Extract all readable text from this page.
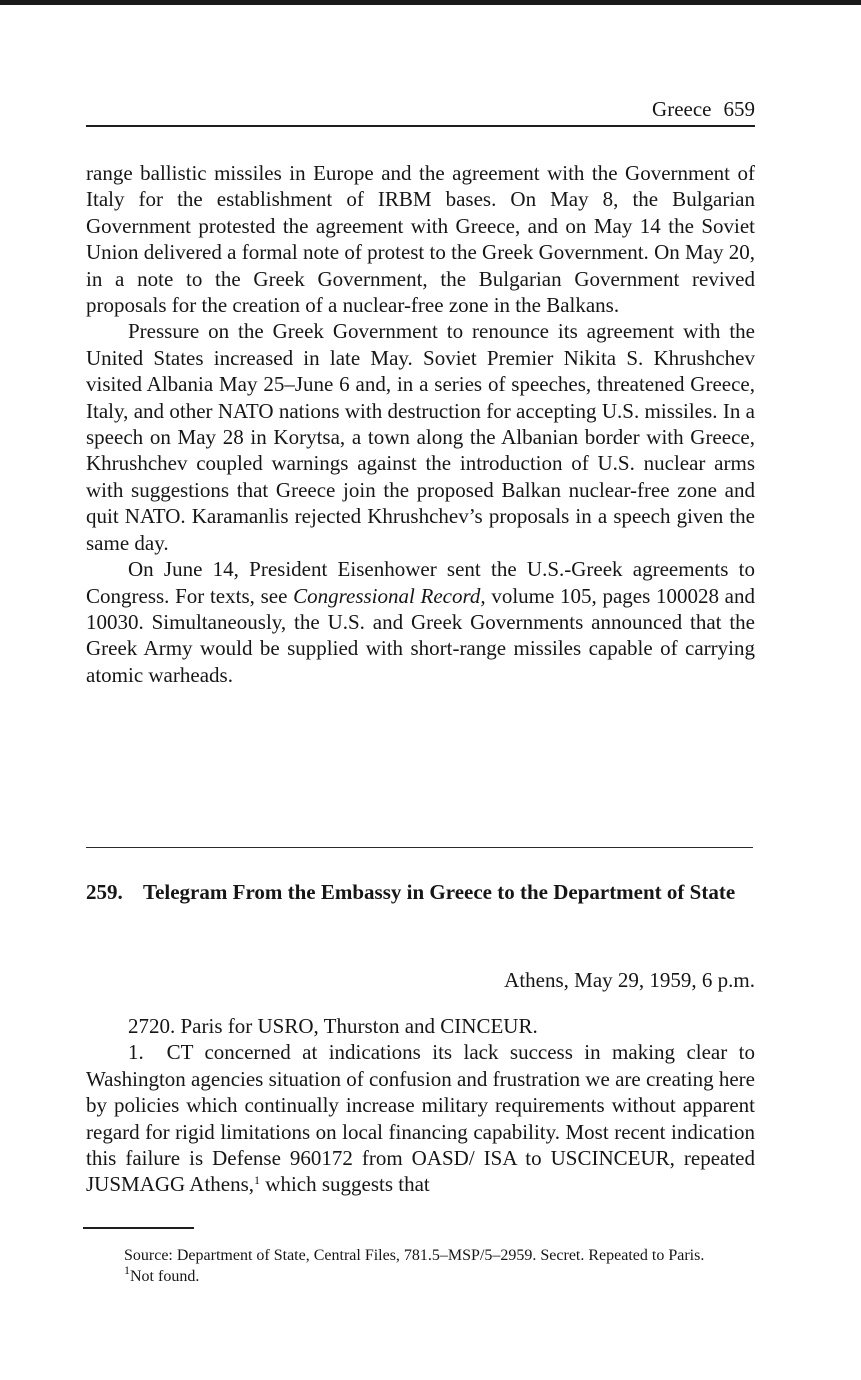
Greece 659

range ballistic missiles in Europe and the agreement with the Government of Italy for the establishment of IRBM bases. On May 8, the Bulgarian Government protested the agreement with Greece, and on May 14 the Soviet Union delivered a formal note of protest to the Greek Government. On May 20, in a note to the Greek Government, the Bulgarian Government revived proposals for the creation of a nuclear-free zone in the Balkans.

Pressure on the Greek Government to renounce its agreement with the United States increased in late May. Soviet Premier Nikita S. Khrushchev visited Albania May 25–June 6 and, in a series of speeches, threatened Greece, Italy, and other NATO nations with destruction for accepting U.S. missiles. In a speech on May 28 in Korytsa, a town along the Albanian border with Greece, Khrushchev coupled warnings against the introduction of U.S. nuclear arms with suggestions that Greece join the proposed Balkan nuclear-free zone and quit NATO. Karamanlis rejected Khrushchev’s proposals in a speech given the same day.

On June 14, President Eisenhower sent the U.S.-Greek agreements to Congress. For texts, see Congressional Record, volume 105, pages 100028 and 10030. Simultaneously, the U.S. and Greek Governments announced that the Greek Army would be supplied with short-range missiles capable of carrying atomic warheads.

259. Telegram From the Embassy in Greece to the Department of State
Athens, May 29, 1959, 6 p.m.

2720. Paris for USRO, Thurston and CINCEUR.

1.  CT concerned at indications its lack success in making clear to Washington agencies situation of confusion and frustration we are creating here by policies which continually increase military requirements without apparent regard for rigid limitations on local financing capability. Most recent indication this failure is Defense 960172 from OASD/ ISA to USCINCEUR, repeated JUSMAGG Athens,$^1$ which suggests that

Source: Department of State, Central Files, 781.5–MSP/5–2959. Secret. Repeated to Paris.

$^1$Not found.
